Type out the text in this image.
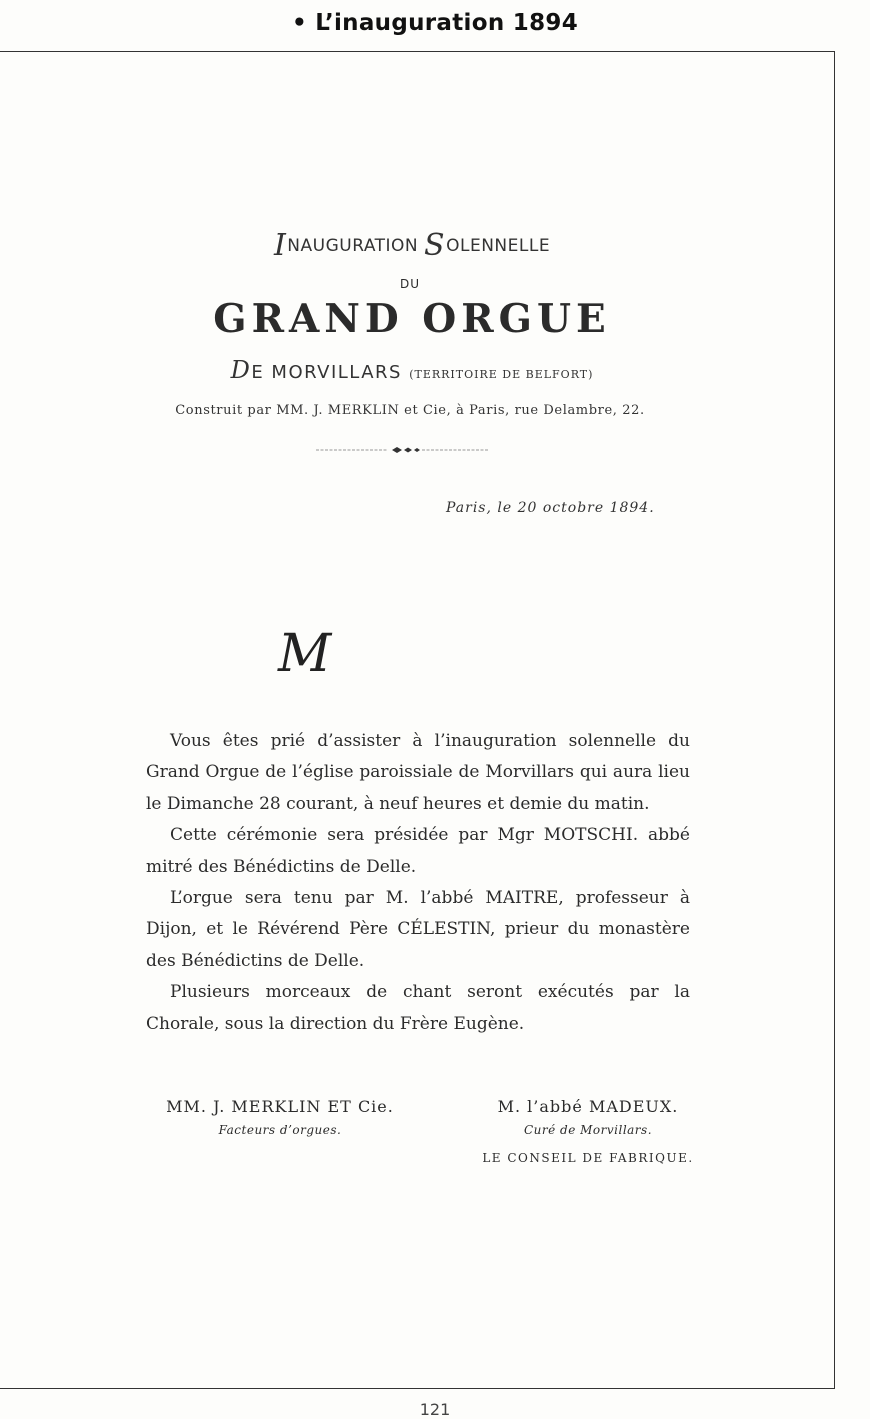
• L’inauguration 1894
INAUGURATION SOLENNELLE
DU
GRAND ORGUE
DE MORVILLARS (TERRITOIRE DE BELFORT)
Construit par MM. J. MERKLIN et Cie, à Paris, rue Delambre, 22.
Paris, le 20 octobre 1894.
M

Vous êtes prié d’assister à l’inauguration solennelle du Grand Orgue de l’église paroissiale de Morvillars qui aura lieu le Dimanche 28 courant, à neuf heures et demie du matin.

Cette cérémonie sera présidée par Mgr MOTSCHI. abbé mitré des Bénédictins de Delle.

L’orgue sera tenu par M. l’abbé MAITRE, professeur à Dijon, et le Révérend Père CÉLESTIN, prieur du monastère des Bénédictins de Delle.

Plusieurs morceaux de chant seront exécutés par la Chorale, sous la direction du Frère Eugène.

MM. J. MERKLIN ET Cie.
Facteurs d’orgues.
M. l’abbé MADEUX.
Curé de Morvillars.
LE CONSEIL DE FABRIQUE.
121
